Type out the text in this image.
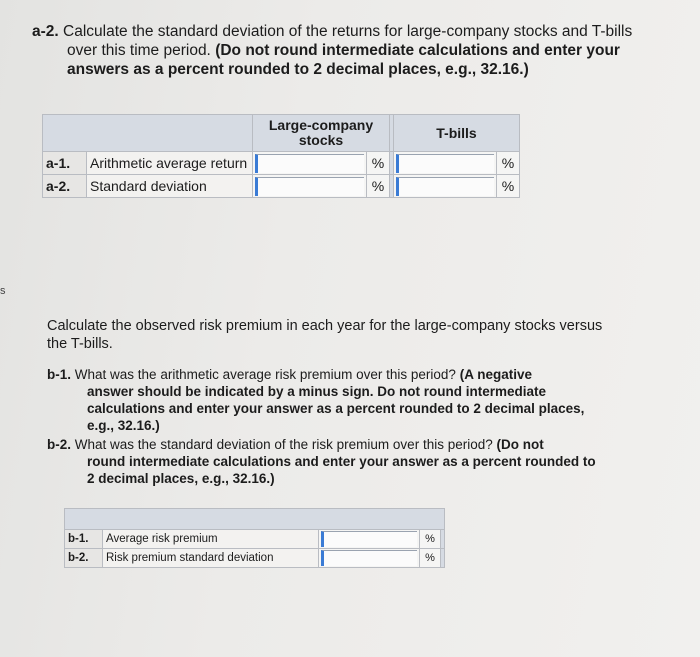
s
a-2. Calculate the standard deviation of the returns for large-company stocks and T-bills
over this time period. (Do not round intermediate calculations and enter your
answers as a percent rounded to 2 decimal places, e.g., 32.16.)
		Large-company stocks			T-bills	
a-1.	Arithmetic average return		%			%
a-2.	Standard deviation		%			%
Calculate the observed risk premium in each year for the large-company stocks versus
the T-bills.
b-1. What was the arithmetic average risk premium over this period? (A negative
answer should be indicated by a minus sign. Do not round intermediate
calculations and enter your answer as a percent rounded to 2 decimal places,
e.g., 32.16.)
b-2. What was the standard deviation of the risk premium over this period? (Do not
round intermediate calculations and enter your answer as a percent rounded to
2 decimal places, e.g., 32.16.)

b-1.	Average risk premium		%	
b-2.	Risk premium standard deviation		%	
